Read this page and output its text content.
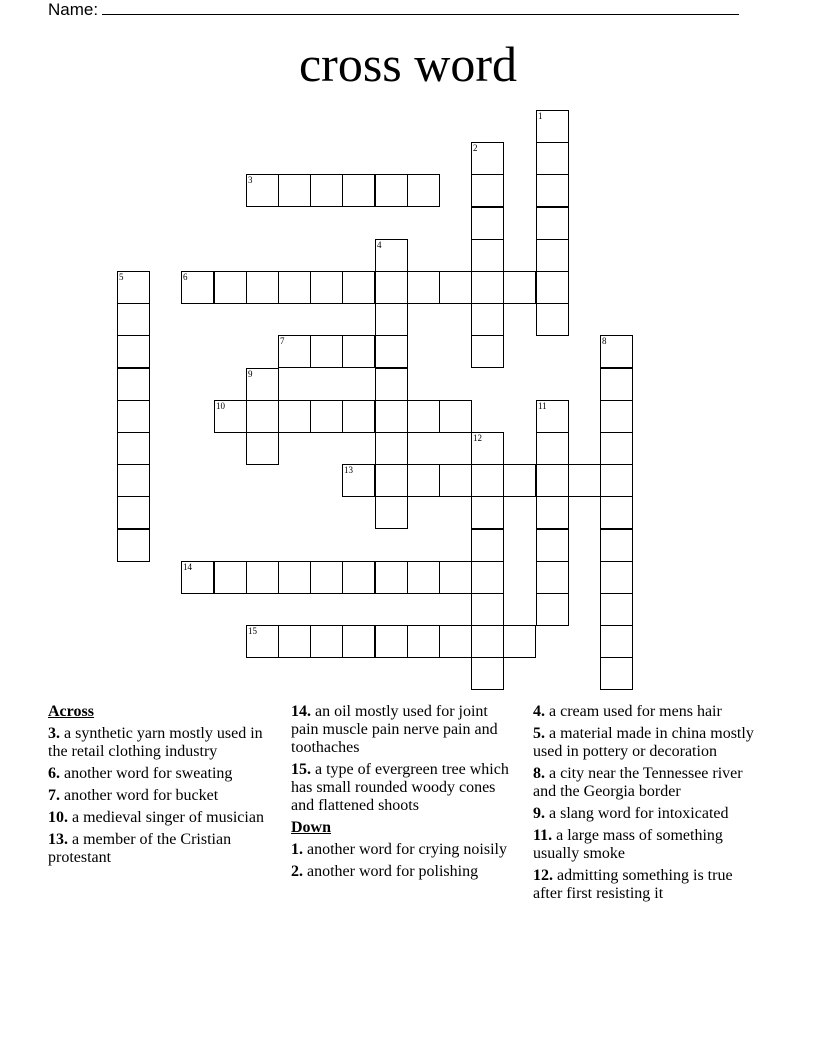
Name:
cross word
3
6
7
10
13
14
15
1
2
4
5
8
9
11
12
Across
3. a synthetic yarn mostly used in the retail clothing industry
6. another word for sweating
7. another word for bucket
10. a medieval singer of musician
13. a member of the Cristian protestant
14. an oil mostly used for joint pain muscle pain nerve pain and toothaches
15. a type of evergreen tree which has small rounded woody cones and flattened shoots
Down
1. another word for crying noisily
2. another word for polishing
4. a cream used for mens hair
5. a material made in china mostly used in pottery or decoration
8. a city near the Tennessee river and the Georgia border
9. a slang word for intoxicated
11. a large mass of something usually smoke
12. admitting something is true after first resisting it
